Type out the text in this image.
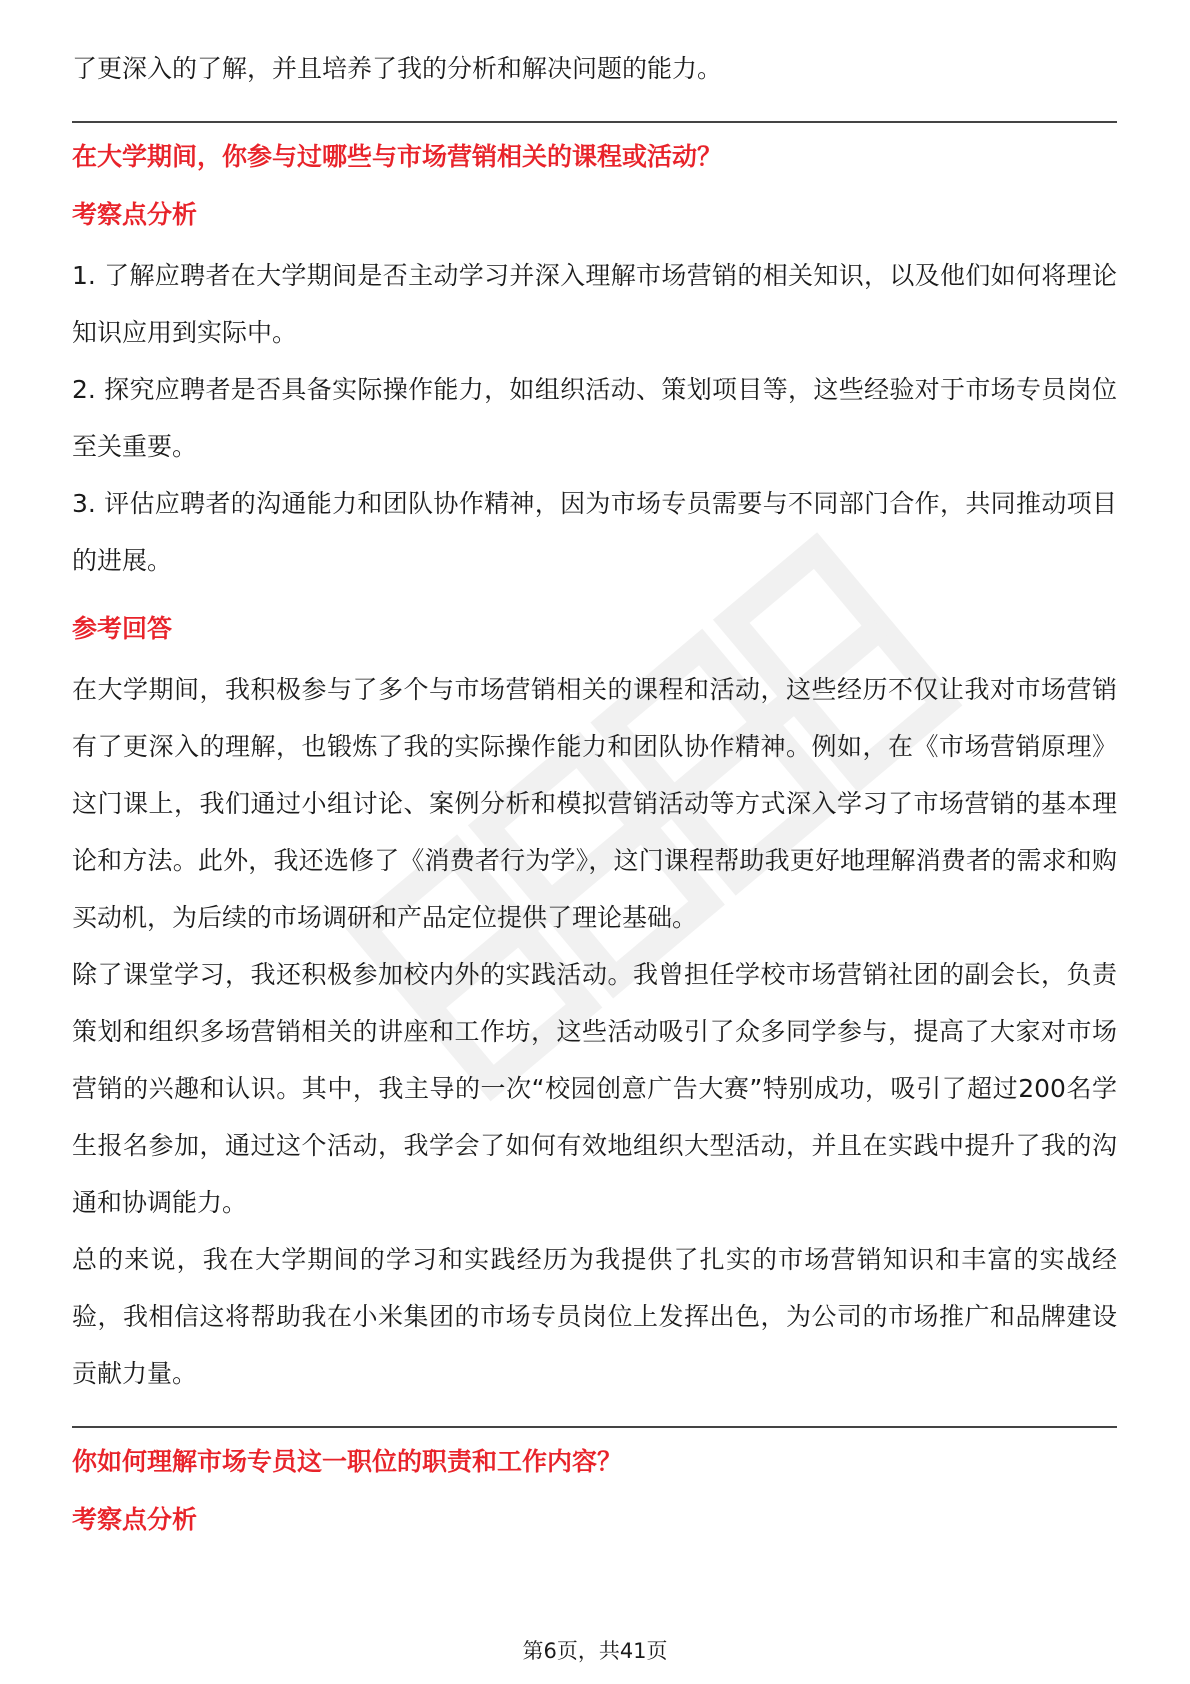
了更深入的了解，并且培养了我的分析和解决问题的能力。

在大学期间，你参与过哪些与市场营销相关的课程或活动？

考察点分析

1. 了解应聘者在大学期间是否主动学习并深入理解市场营销的相关知识，以及他们如何将理论知识应用到实际中。

2. 探究应聘者是否具备实际操作能力，如组织活动、策划项目等，这些经验对于市场专员岗位至关重要。

3. 评估应聘者的沟通能力和团队协作精神，因为市场专员需要与不同部门合作，共同推动项目的进展。

参考回答

在大学期间，我积极参与了多个与市场营销相关的课程和活动，这些经历不仅让我对市场营销有了更深入的理解，也锻炼了我的实际操作能力和团队协作精神。例如，在《市场营销原理》这门课上，我们通过小组讨论、案例分析和模拟营销活动等方式深入学习了市场营销的基本理论和方法。此外，我还选修了《消费者行为学》，这门课程帮助我更好地理解消费者的需求和购买动机，为后续的市场调研和产品定位提供了理论基础。

除了课堂学习，我还积极参加校内外的实践活动。我曾担任学校市场营销社团的副会长，负责策划和组织多场营销相关的讲座和工作坊，这些活动吸引了众多同学参与，提高了大家对市场营销的兴趣和认识。其中，我主导的一次“校园创意广告大赛”特别成功，吸引了超过200名学生报名参加，通过这个活动，我学会了如何有效地组织大型活动，并且在实践中提升了我的沟通和协调能力。

总的来说，我在大学期间的学习和实践经历为我提供了扎实的市场营销知识和丰富的实战经验，我相信这将帮助我在小米集团的市场专员岗位上发挥出色，为公司的市场推广和品牌建设贡献力量。

你如何理解市场专员这一职位的职责和工作内容？

考察点分析

第6页，共41页
